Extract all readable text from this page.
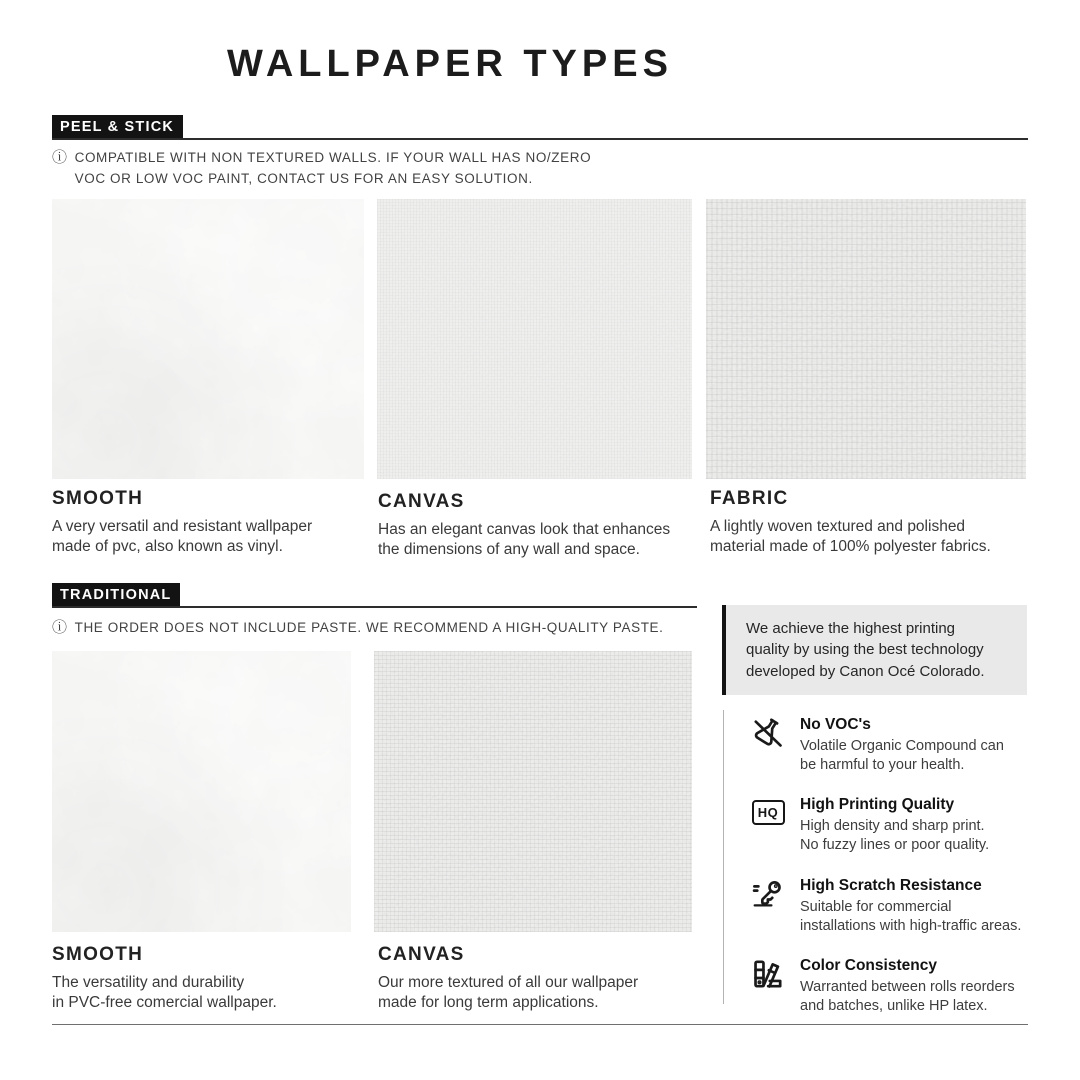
WALLPAPER TYPES
PEEL & STICK
ⓘ COMPATIBLE WITH NON TEXTURED WALLS. IF YOUR WALL HAS NO/ZERO
VOC OR LOW VOC PAINT, CONTACT US FOR AN EASY SOLUTION.
SMOOTH
A very versatil and resistant wallpaper
made of pvc, also known as vinyl.
CANVAS
Has an elegant canvas look that enhances
the dimensions of any wall and space.
FABRIC
A lightly woven textured and polished
material made of 100% polyester fabrics.
TRADITIONAL
ⓘ THE ORDER DOES NOT INCLUDE PASTE. WE RECOMMEND A HIGH-QUALITY PASTE.
SMOOTH
The versatility and durability
in PVC-free comercial wallpaper.
CANVAS
Our more textured of all our wallpaper
made for long term applications.
We achieve the highest printing
quality by using the best technology
developed by Canon Océ Colorado.
No VOC's
Volatile Organic Compound can
be harmful to your health.
HQ High Printing Quality
High density and sharp print.
No fuzzy lines or poor quality.
High Scratch Resistance
Suitable for commercial
installations with high-traffic areas.
Color Consistency
Warranted between rolls reorders
and batches, unlike HP latex.
